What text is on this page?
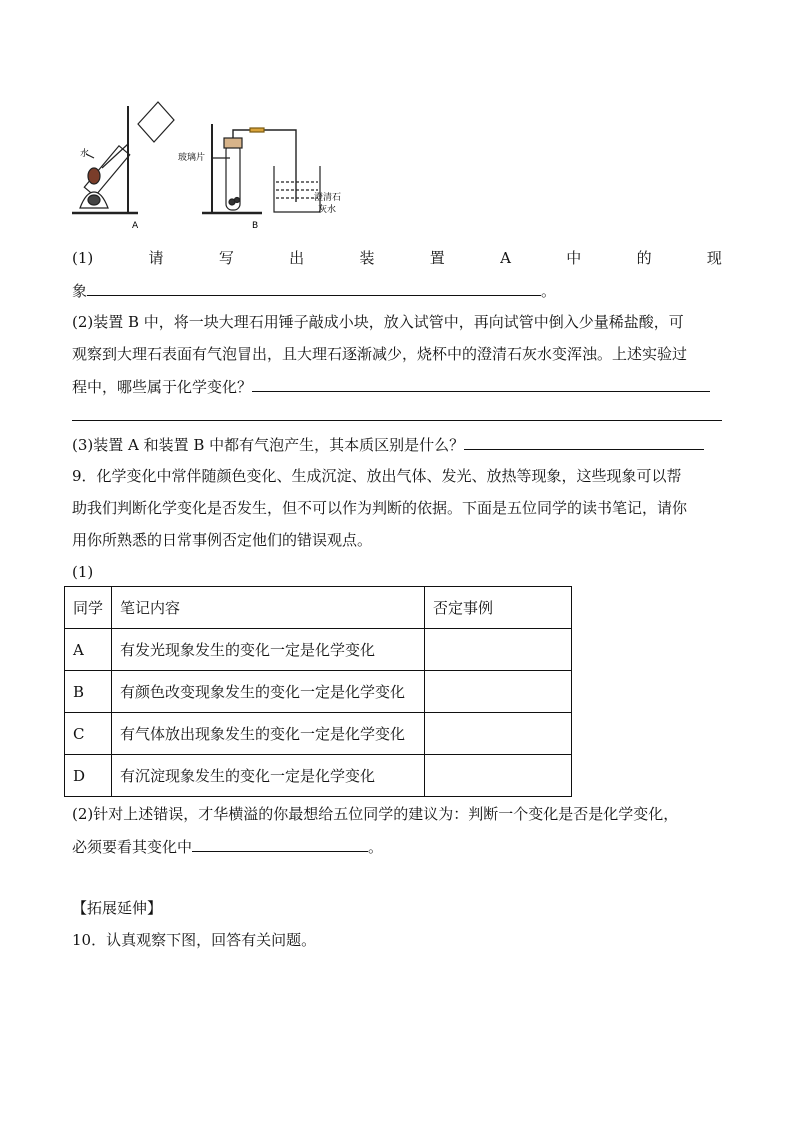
水	玻璃片
A	B
澄清石
灰水
(1)	请	写	出	装	置	A	中	的	现
象	。
(2)装置 B 中，将一块大理石用锤子敲成小块，放入试管中，再向试管中倒入少量稀盐酸，可
观察到大理石表面有气泡冒出，且大理石逐渐减少，烧杯中的澄清石灰水变浑浊。上述实验过
程中，哪些属于化学变化？
(3)装置 A 和装置 B 中都有气泡产生，其本质区别是什么？
9．化学变化中常伴随颜色变化、生成沉淀、放出气体、发光、放热等现象，这些现象可以帮
助我们判断化学变化是否发生，但不可以作为判断的依据。下面是五位同学的读书笔记，请你
用你所熟悉的日常事例否定他们的错误观点。
(1)
同学	笔记内容	否定事例
A	有发光现象发生的变化一定是化学变化	
B	有颜色改变现象发生的变化一定是化学变化	
C	有气体放出现象发生的变化一定是化学变化	
D	有沉淀现象发生的变化一定是化学变化	
(2)针对上述错误，才华横溢的你最想给五位同学的建议为：判断一个变化是否是化学变化，
必须要看其变化中	。
【拓展延伸】
10．认真观察下图，回答有关问题。
